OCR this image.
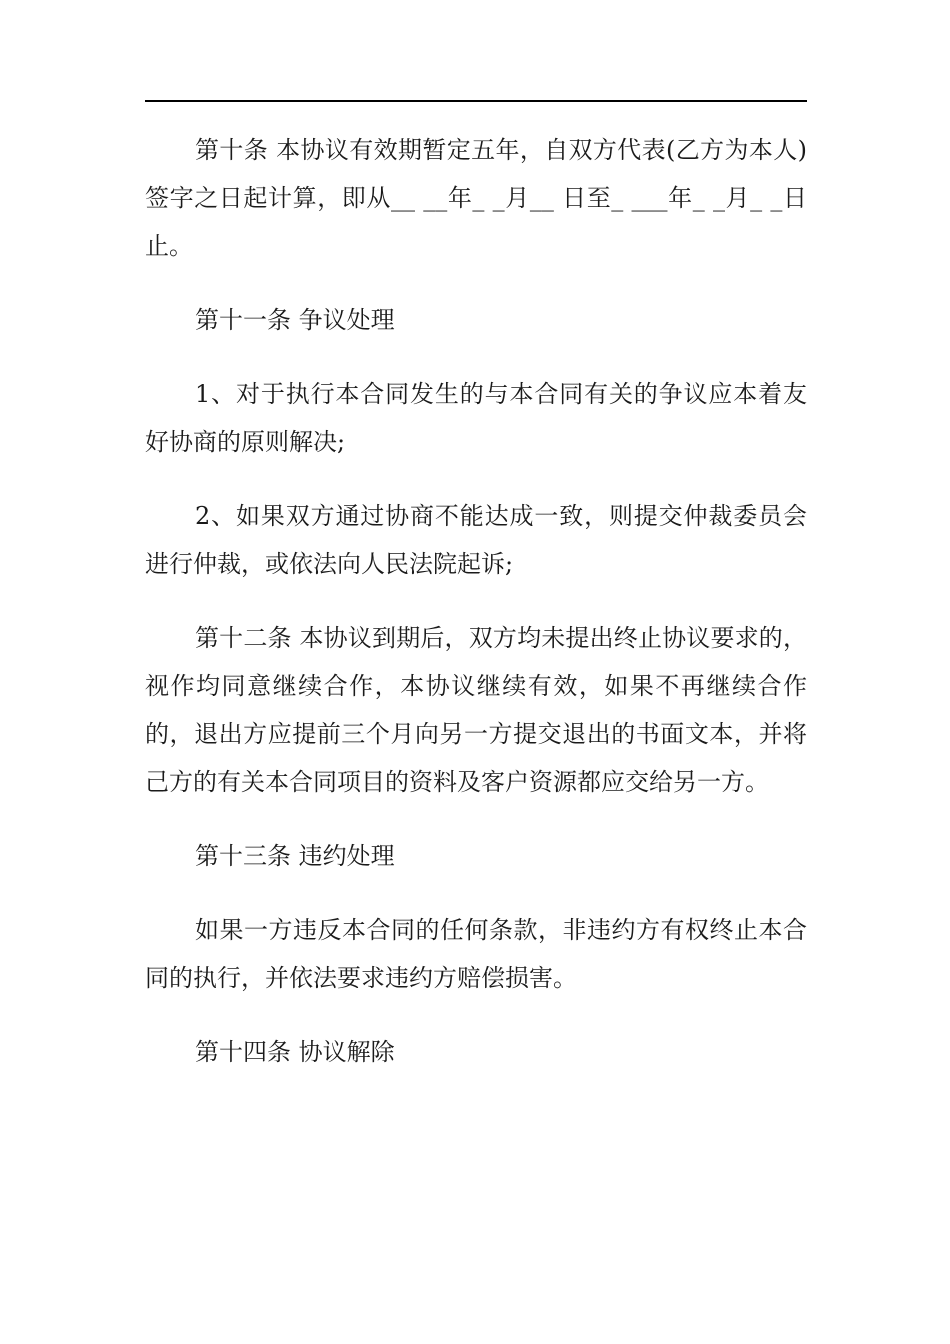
第十条 本协议有效期暂定五年，自双方代表(乙方为本人)签字之日起计算，即从__ __年_ _月__ 日至_ ___年_ _月_ _日止。

第十一条 争议处理

1、对于执行本合同发生的与本合同有关的争议应本着友好协商的原则解决;

2、如果双方通过协商不能达成一致，则提交仲裁委员会进行仲裁，或依法向人民法院起诉;

第十二条 本协议到期后，双方均未提出终止协议要求的，视作均同意继续合作，本协议继续有效，如果不再继续合作的，退出方应提前三个月向另一方提交退出的书面文本，并将己方的有关本合同项目的资料及客户资源都应交给另一方。

第十三条 违约处理

如果一方违反本合同的任何条款，非违约方有权终止本合同的执行，并依法要求违约方赔偿损害。

第十四条 协议解除
